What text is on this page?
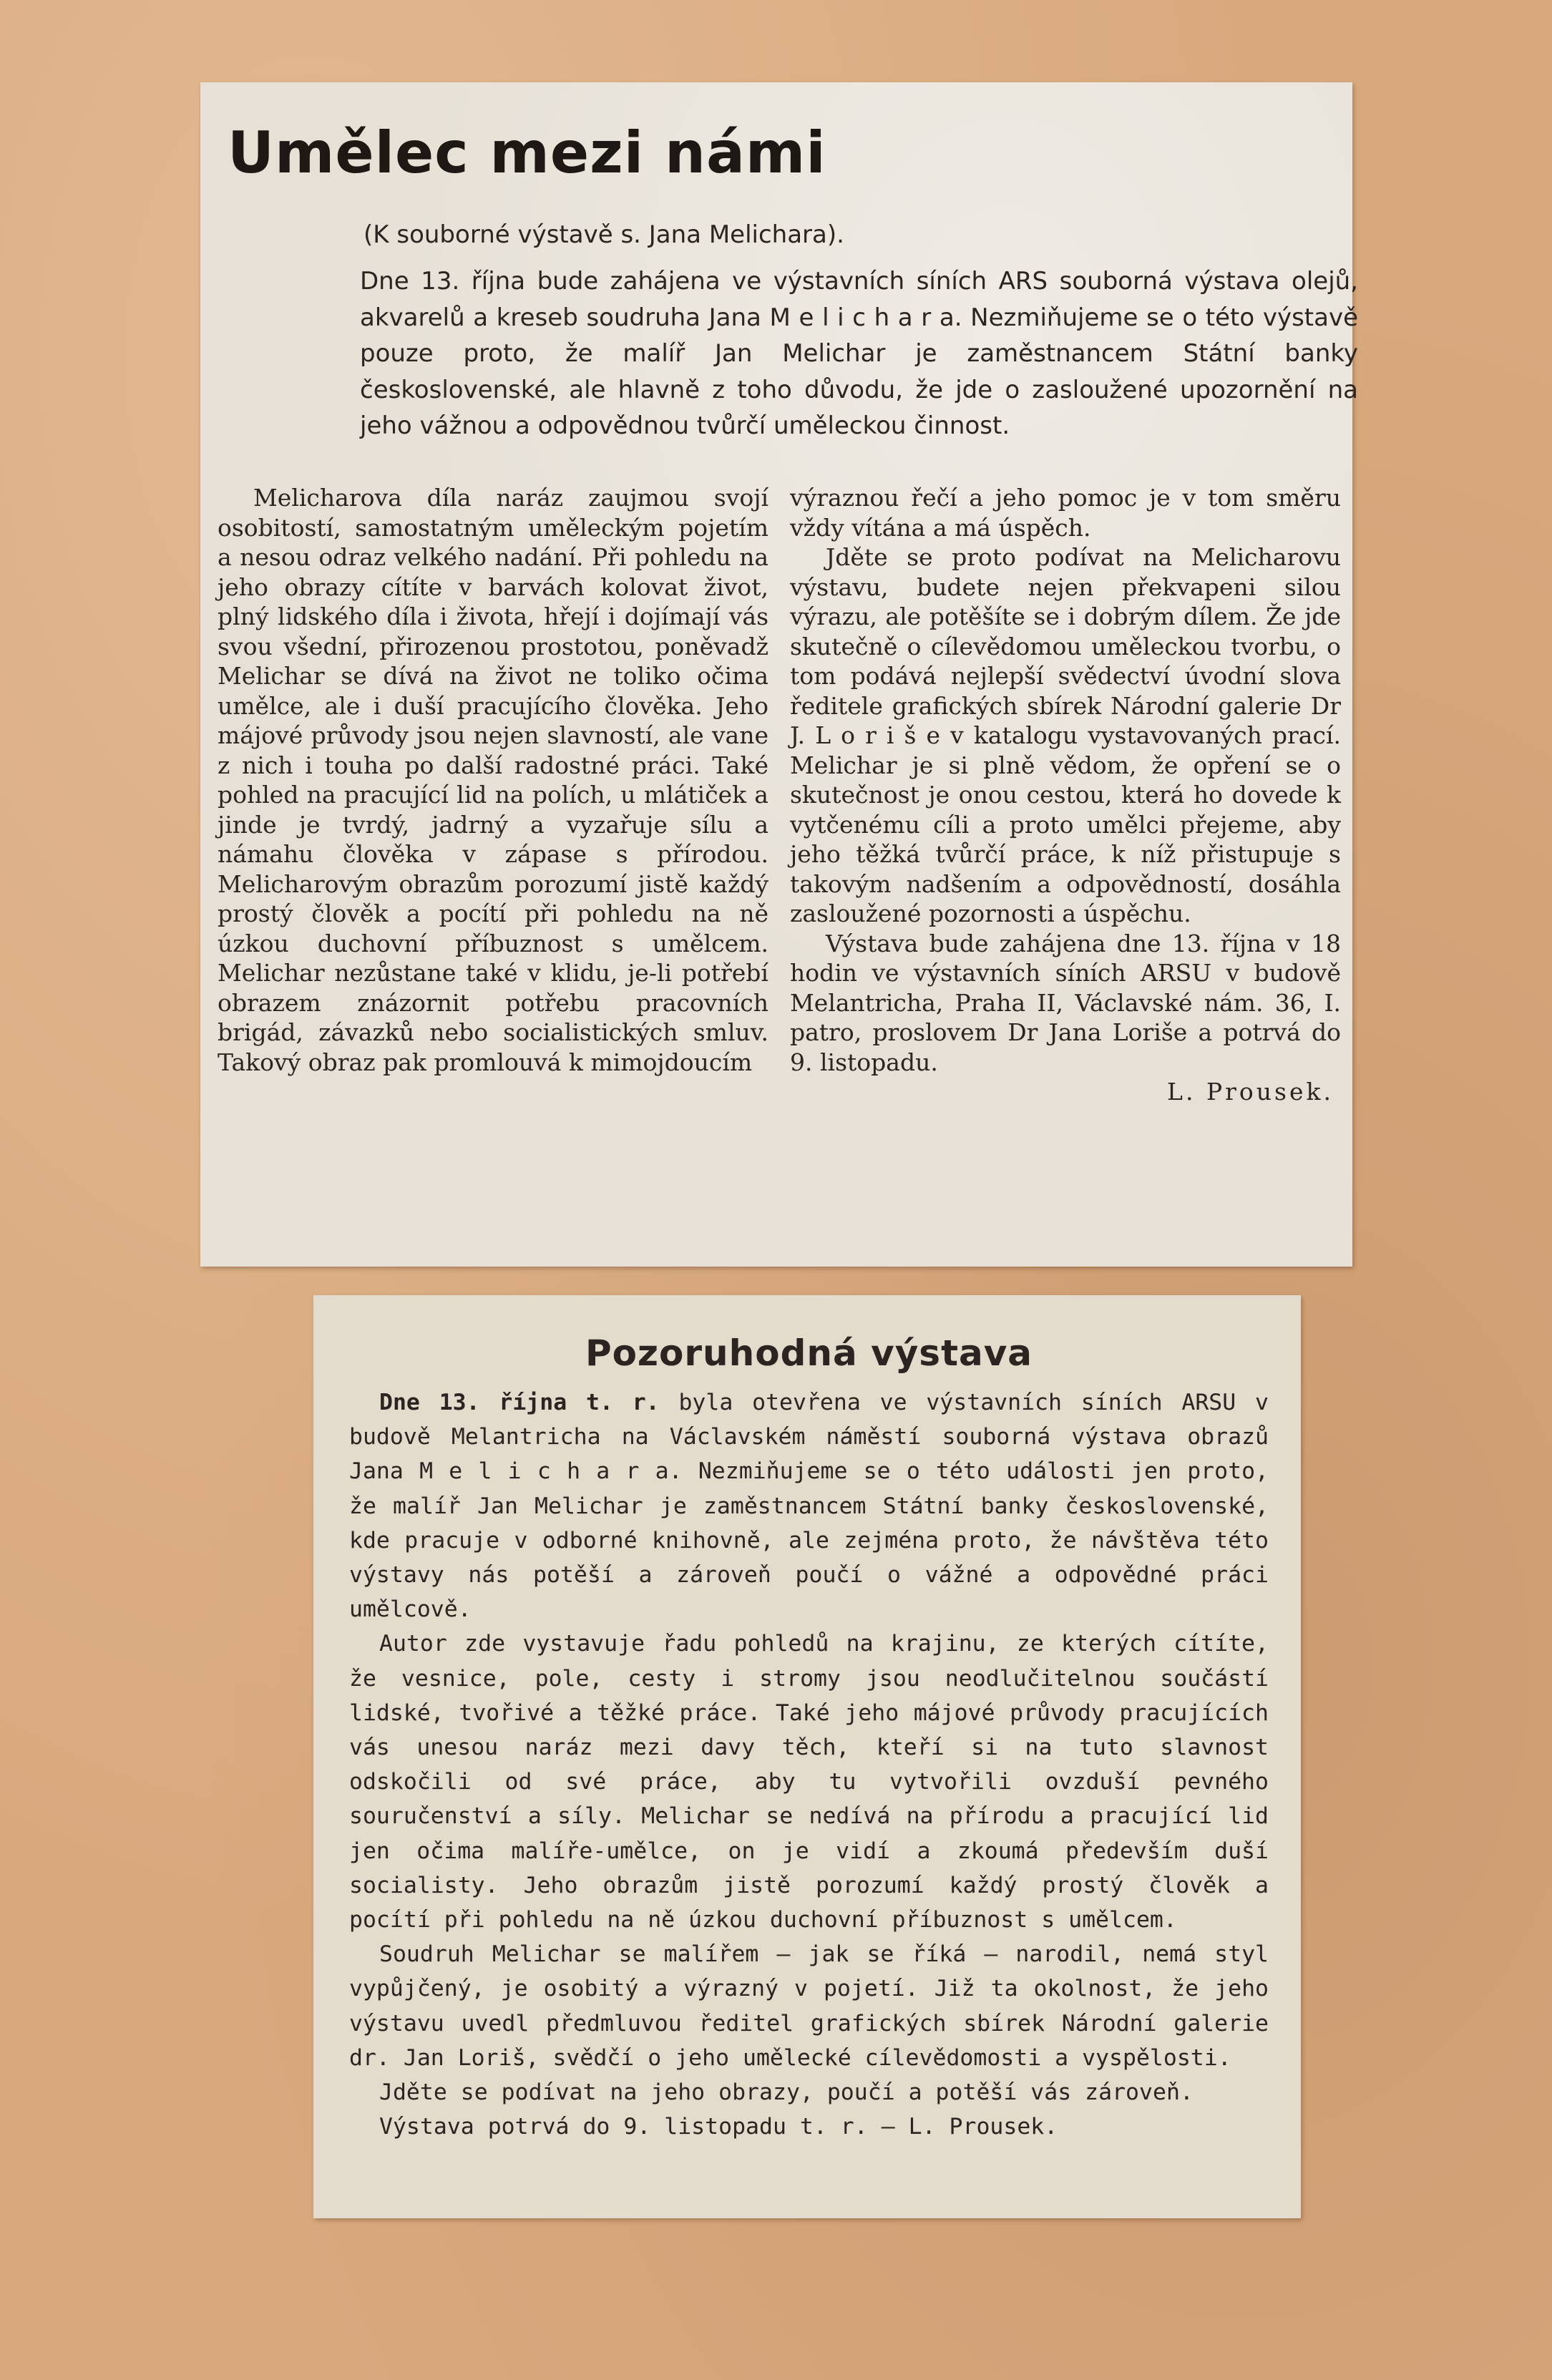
Umělec mezi námi
(K souborné výstavě s. Jana Melichara).
Dne 13. října bude zahájena ve výstavních síních ARS souborná výstava olejů, akvarelů a kreseb soudruha Jana M e l i c h a r a. Nezmiňujeme se o této výstavě pouze proto, že malíř Jan Melichar je zaměstnancem Státní banky československé, ale hlavně z toho důvodu, že jde o zasloužené upozornění na jeho vážnou a odpovědnou tvůrčí uměleckou činnost.

Melicharova díla naráz zaujmou svojí osobitostí, samostatným uměleckým pojetím a nesou odraz velkého nadání. Při pohledu na jeho obrazy cítíte v barvách kolovat život, plný lidského díla i života, hřejí i dojímají vás svou všední, přirozenou prostotou, poněvadž Melichar se dívá na život ne toliko očima umělce, ale i duší pracujícího člověka. Jeho májové průvody jsou nejen slavností, ale vane z nich i touha po další radostné práci. Také pohled na pracující lid na polích, u mlátiček a jinde je tvrdý, jadrný a vyzařuje sílu a námahu člověka v zápase s přírodou. Melicharovým obrazům porozumí jistě každý prostý člověk a pocítí při pohledu na ně úzkou duchovní příbuznost s umělcem. Melichar nezůstane také v klidu, je-li potřebí obrazem znázornit potřebu pracovních brigád, závazků nebo socialistických smluv. Takový obraz pak promlouvá k mimojdoucím

výraznou řečí a jeho pomoc je v tom směru vždy vítána a má úspěch.

Jděte se proto podívat na Melicharovu výstavu, budete nejen překvapeni silou výrazu, ale potěšíte se i dobrým dílem. Že jde skutečně o cílevědomou uměleckou tvorbu, o tom podává nejlepší svědectví úvodní slova ředitele grafických sbírek Národní galerie Dr J. L o r i š e v katalogu vystavovaných prací. Melichar je si plně vědom, že opření se o skutečnost je onou cestou, která ho dovede k vytčenému cíli a proto umělci přejeme, aby jeho těžká tvůrčí práce, k níž přistupuje s takovým nadšením a odpovědností, dosáhla zasloužené pozornosti a úspěchu.

Výstava bude zahájena dne 13. října v 18 hodin ve výstavních síních ARSU v budově Melantricha, Praha II, Václavské nám. 36, I. patro, proslovem Dr Jana Loriše a potrvá do 9. listopadu.

L. Prousek.

Pozoruhodná výstava

Dne 13. října t. r. byla otevřena ve výstavních síních ARSU v budově Melantricha na Václavském náměstí souborná výstava obrazů Jana M e l i c h a r a. Nezmiňujeme se o této události jen proto, že malíř Jan Melichar je zaměstnancem Státní banky československé, kde pracuje v odborné knihovně, ale zejména proto, že návštěva této výstavy nás potěší a zároveň poučí o vážné a odpovědné práci umělcově.

Autor zde vystavuje řadu pohledů na krajinu, ze kterých cítíte, že vesnice, pole, cesty i stromy jsou neodlučitelnou součástí lidské, tvořivé a těžké práce. Také jeho májové průvody pracujících vás unesou naráz mezi davy těch, kteří si na tuto slavnost odskočili od své práce, aby tu vytvořili ovzduší pevného souručenství a síly. Melichar se nedívá na přírodu a pracující lid jen očima malíře-umělce, on je vidí a zkoumá především duší socialisty. Jeho obrazům jistě porozumí každý prostý člověk a pocítí při pohledu na ně úzkou duchovní příbuznost s umělcem.

Soudruh Melichar se malířem — jak se říká — narodil, nemá styl vypůjčený, je osobitý a výrazný v pojetí. Již ta okolnost, že jeho výstavu uvedl předmluvou ředitel grafických sbírek Národní galerie dr. Jan Loriš, svědčí o jeho umělecké cílevědomosti a vyspělosti.

Jděte se podívat na jeho obrazy, poučí a potěší vás zároveň.

Výstava potrvá do 9. listopadu t. r. — L. Prousek.
